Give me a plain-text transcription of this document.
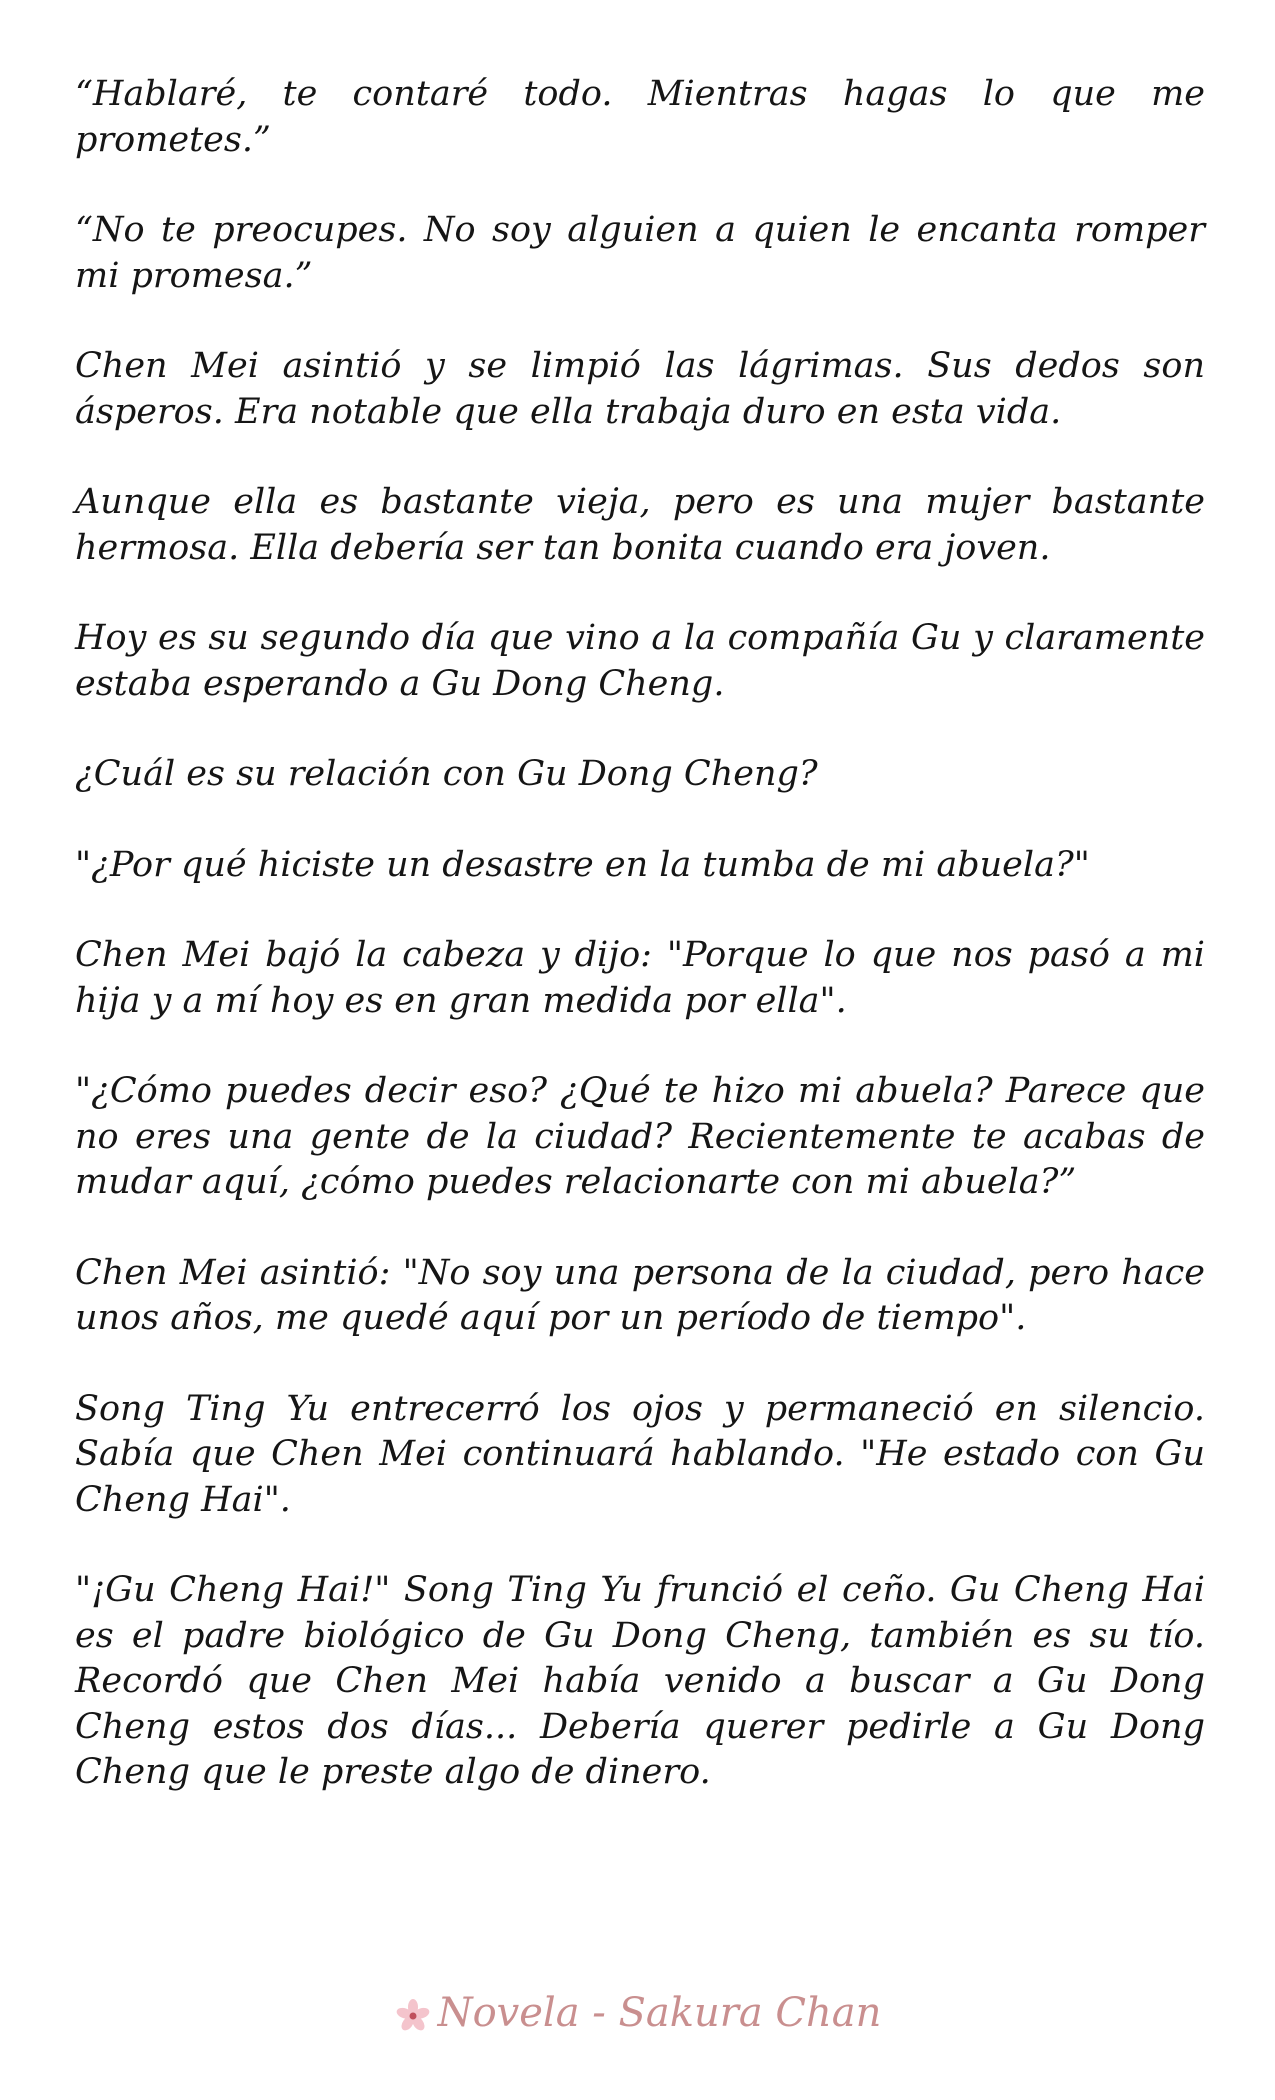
“Hablaré, te contaré todo. Mientras hagas lo que me prometes.”

“No te preocupes. No soy alguien a quien le encanta romper mi promesa.”

Chen Mei asintió y se limpió las lágrimas. Sus dedos son ásperos. Era notable que ella trabaja duro en esta vida.

Aunque ella es bastante vieja, pero es una mujer bastante hermosa. Ella debería ser tan bonita cuando era joven.

Hoy es su segundo día que vino a la compañía Gu y claramente estaba esperando a Gu Dong Cheng.

¿Cuál es su relación con Gu Dong Cheng?

"¿Por qué hiciste un desastre en la tumba de mi abuela?"

Chen Mei bajó la cabeza y dijo: "Porque lo que nos pasó a mi hija y a mí hoy es en gran medida por ella".

"¿Cómo puedes decir eso? ¿Qué te hizo mi abuela? Parece que no eres una gente de la ciudad? Recientemente te acabas de mudar aquí, ¿cómo puedes relacionarte con mi abuela?”

Chen Mei asintió: "No soy una persona de la ciudad, pero hace unos años, me quedé aquí por un período de tiempo".

Song Ting Yu entrecerró los ojos y permaneció en silencio. Sabía que Chen Mei continuará hablando. "He estado con Gu Cheng Hai".

"¡Gu Cheng Hai!" Song Ting Yu frunció el ceño. Gu Cheng Hai es el padre biológico de Gu Dong Cheng, también es su tío. Recordó que Chen Mei había venido a buscar a Gu Dong Cheng estos dos días... Debería querer pedirle a Gu Dong Cheng que le preste algo de dinero.

Novela - Sakura Chan
